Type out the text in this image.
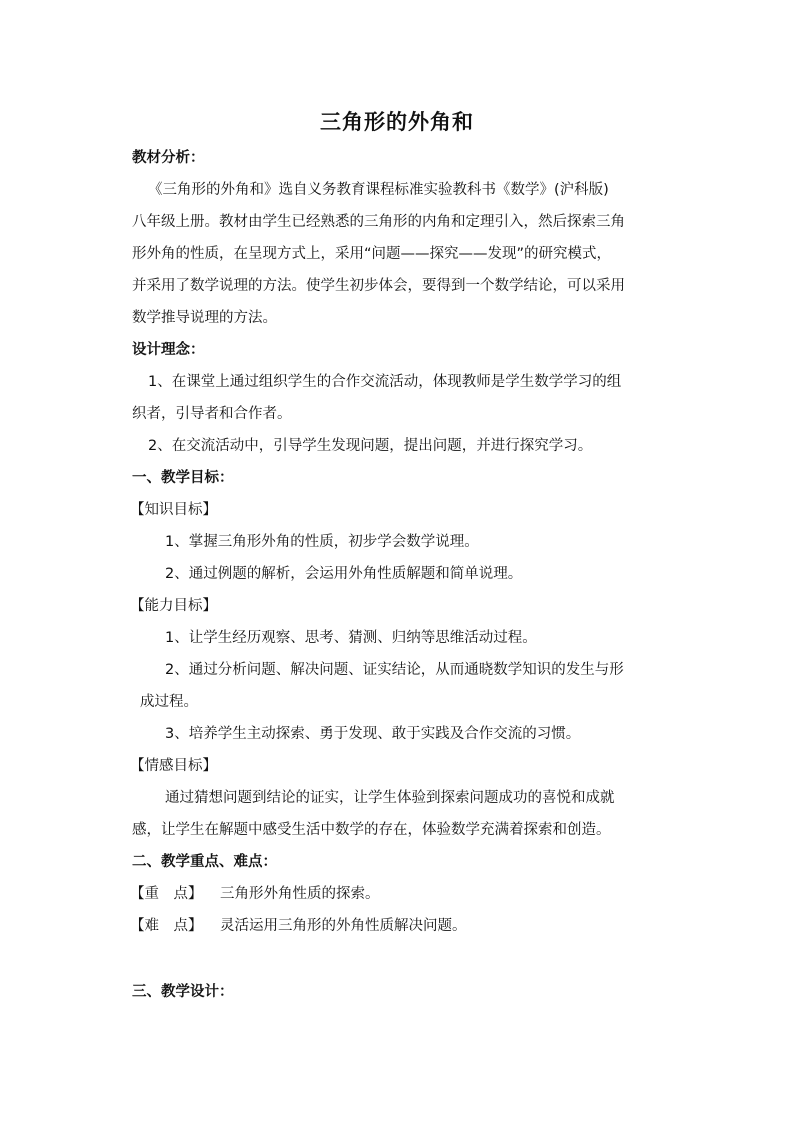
三角形的外角和
教材分析：
《三角形的外角和》选自义务教育课程标准实验教科书《数学》(沪科版)
八年级上册。教材由学生已经熟悉的三角形的内角和定理引入，然后探索三角
形外角的性质，在呈现方式上，采用“问题——探究——发现”的研究模式，
并采用了数学说理的方法。使学生初步体会，要得到一个数学结论，可以采用
数学推导说理的方法。
设计理念：
1、在课堂上通过组织学生的合作交流活动，体现教师是学生数学学习的组
织者，引导者和合作者。
2、在交流活动中，引导学生发现问题，提出问题，并进行探究学习。
一、教学目标：
【知识目标】
1、掌握三角形外角的性质，初步学会数学说理。
2、通过例题的解析，会运用外角性质解题和简单说理。
【能力目标】
1、让学生经历观察、思考、猜测、归纳等思维活动过程。
2、通过分析问题、解决问题、证实结论，从而通晓数学知识的发生与形
成过程。
3、培养学生主动探索、勇于发现、敢于实践及合作交流的习惯。
【情感目标】
通过猜想问题到结论的证实，让学生体验到探索问题成功的喜悦和成就
感，让学生在解题中感受生活中数学的存在，体验数学充满着探索和创造。
二、教学重点、难点：
【重　点】 三角形外角性质的探索。
【难　点】 灵活运用三角形的外角性质解决问题。
三、教学设计：
